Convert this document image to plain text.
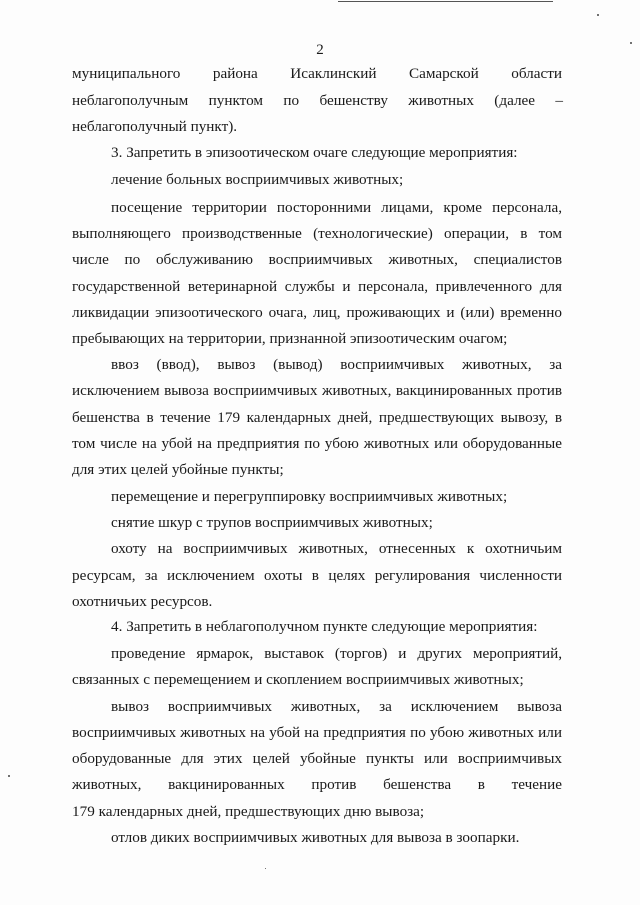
2
муниципального района Исаклинский Самарской области
неблагополучным пунктом по бешенству животных (далее –
неблагополучный пункт).
3. Запретить в эпизоотическом очаге следующие мероприятия:
лечение больных восприимчивых животных;
посещение территории посторонними лицами, кроме персонала,
выполняющего производственные (технологические) операции, в том
числе по обслуживанию восприимчивых животных, специалистов
государственной ветеринарной службы и персонала, привлеченного для
ликвидации эпизоотического очага, лиц, проживающих и (или) временно
пребывающих на территории, признанной эпизоотическим очагом;
ввоз (ввод), вывоз (вывод) восприимчивых животных, за
исключением вывоза восприимчивых животных, вакцинированных против
бешенства в течение 179 календарных дней, предшествующих вывозу, в
том числе на убой на предприятия по убою животных или оборудованные
для этих целей убойные пункты;
перемещение и перегруппировку восприимчивых животных;
снятие шкур с трупов восприимчивых животных;
охоту на восприимчивых животных, отнесенных к охотничьим
ресурсам, за исключением охоты в целях регулирования численности
охотничьих ресурсов.
4. Запретить в неблагополучном пункте следующие мероприятия:
проведение ярмарок, выставок (торгов) и других мероприятий,
связанных с перемещением и скоплением восприимчивых животных;
вывоз восприимчивых животных, за исключением вывоза
восприимчивых животных на убой на предприятия по убою животных или
оборудованные для этих целей убойные пункты или восприимчивых
животных, вакцинированных против бешенства в течение
179 календарных дней, предшествующих дню вывоза;
отлов диких восприимчивых животных для вывоза в зоопарки.
